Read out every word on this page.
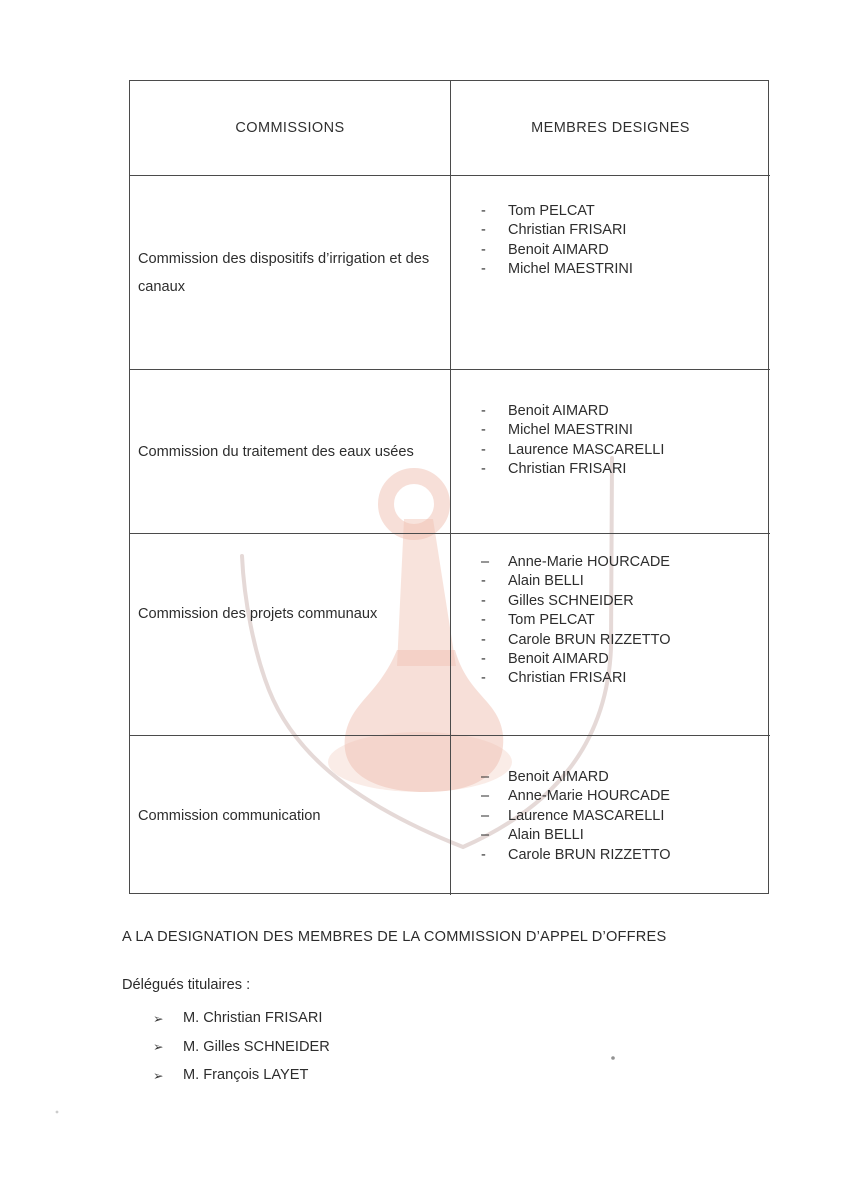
COMMISSIONS	MEMBRES DESIGNES
Commission des dispositifs d’irrigation et des canaux
-	Tom PELCAT
-	Christian FRISARI
-	Benoit AIMARD
-	Michel MAESTRINI
Commission du traitement des eaux usées
-	Benoit AIMARD
-	Michel MAESTRINI
-	Laurence MASCARELLI
-	Christian FRISARI
Commission des projets communaux
–	Anne-Marie HOURCADE
-	Alain BELLI
-	Gilles SCHNEIDER
-	Tom PELCAT
-	Carole BRUN RIZZETTO
-	Benoit AIMARD
-	Christian FRISARI
Commission communication
–	Benoit AIMARD
–	Anne-Marie HOURCADE
–	Laurence MASCARELLI
–	Alain BELLI
-	Carole BRUN RIZZETTO
A LA DESIGNATION DES MEMBRES DE LA COMMISSION D’APPEL D’OFFRES
Délégués titulaires :
➢	M. Christian FRISARI
➢	M. Gilles SCHNEIDER
➢	M. François LAYET
